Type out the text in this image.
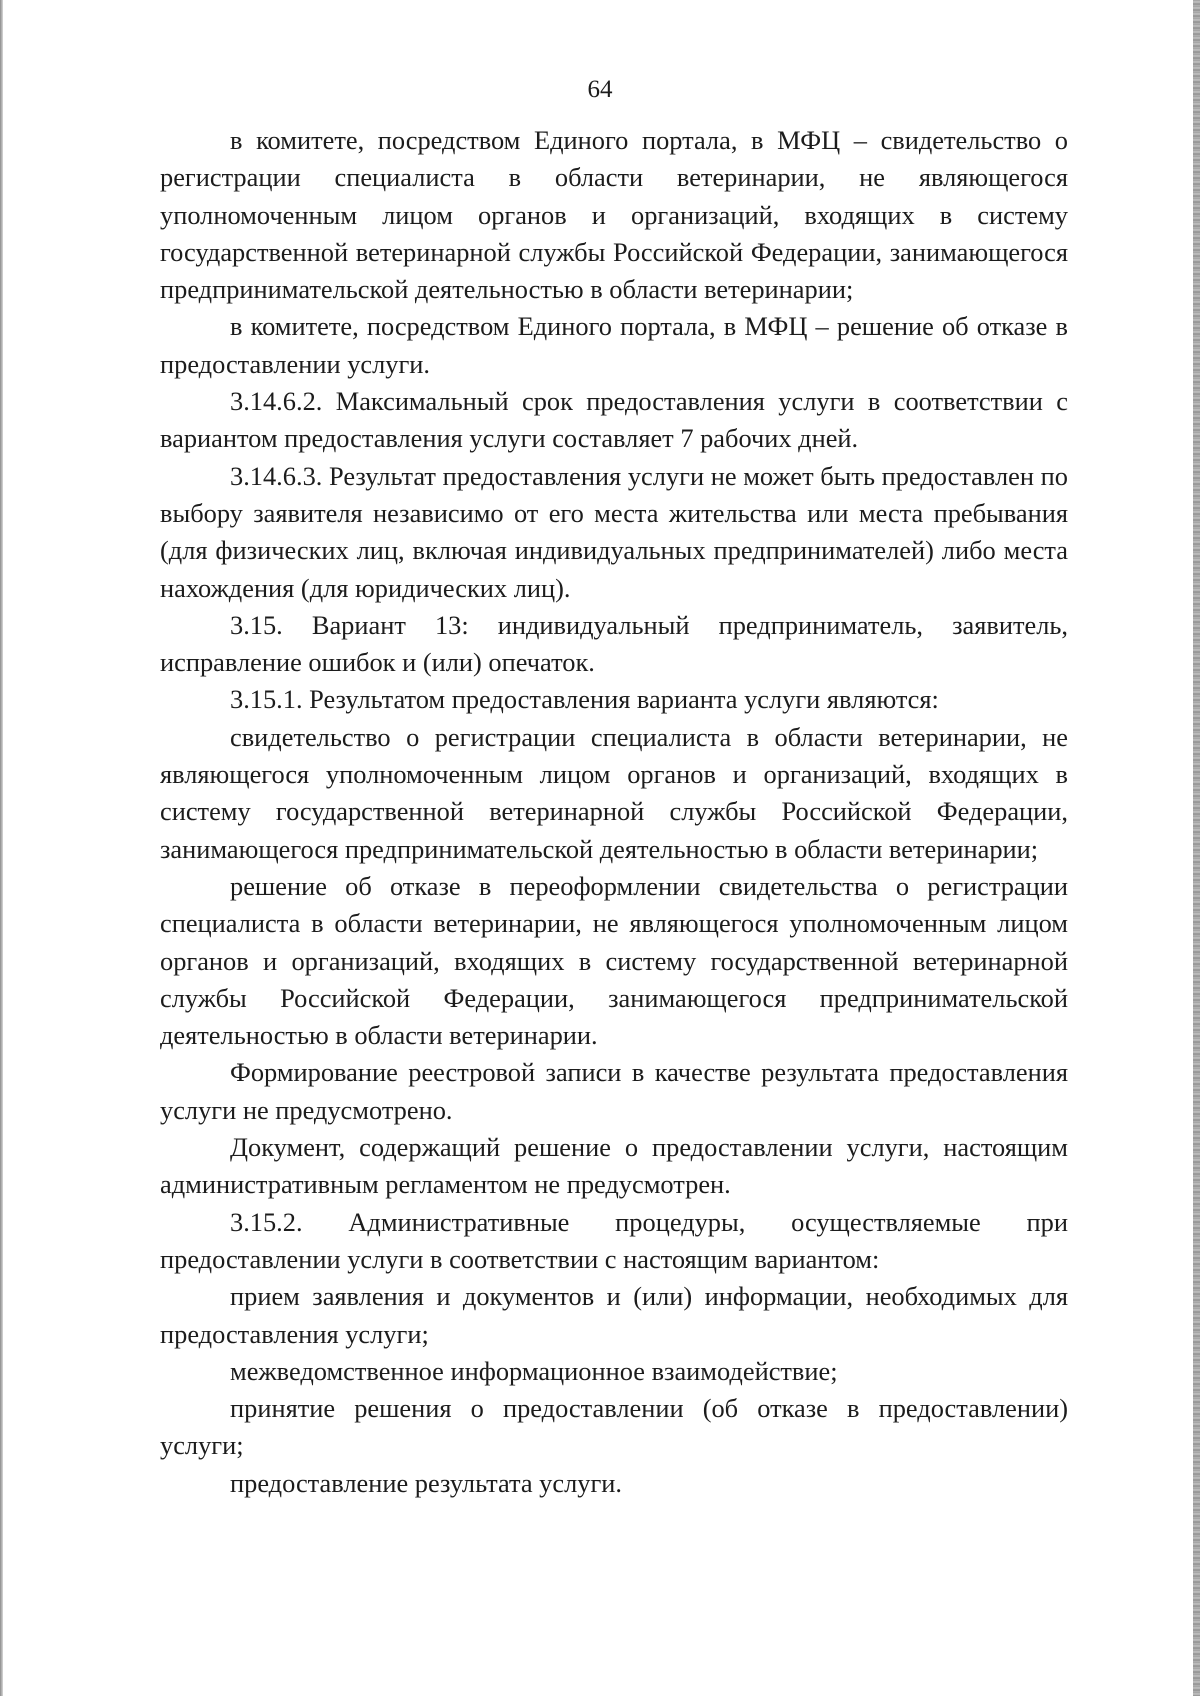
64

в комитете, посредством Единого портала, в МФЦ – свидетельство о регистрации специалиста в области ветеринарии, не являющегося уполномоченным лицом органов и организаций, входящих в систему государственной ветеринарной службы Российской Федерации, занимающегося предпринимательской деятельностью в области ветеринарии;

в комитете, посредством Единого портала, в МФЦ – решение об отказе в предоставлении услуги.

3.14.6.2. Максимальный срок предоставления услуги в соответствии с вариантом предоставления услуги составляет 7 рабочих дней.

3.14.6.3. Результат предоставления услуги не может быть предоставлен по выбору заявителя независимо от его места жительства или места пребывания (для физических лиц, включая индивидуальных предпринимателей) либо места нахождения (для юридических лиц).

3.15. Вариант 13: индивидуальный предприниматель, заявитель, исправление ошибок и (или) опечаток.

3.15.1. Результатом предоставления варианта услуги являются:

свидетельство о регистрации специалиста в области ветеринарии, не являющегося уполномоченным лицом органов и организаций, входящих в систему государственной ветеринарной службы Российской Федерации, занимающегося предпринимательской деятельностью в области ветеринарии;

решение об отказе в переоформлении свидетельства о регистрации специалиста в области ветеринарии, не являющегося уполномоченным лицом органов и организаций, входящих в систему государственной ветеринарной службы Российской Федерации, занимающегося предпринимательской деятельностью в области ветеринарии.

Формирование реестровой записи в качестве результата предоставления услуги не предусмотрено.

Документ, содержащий решение о предоставлении услуги, настоящим административным регламентом не предусмотрен.

3.15.2. Административные процедуры, осуществляемые при предоставлении услуги в соответствии с настоящим вариантом:

прием заявления и документов и (или) информации, необходимых для предоставления услуги;

межведомственное информационное взаимодействие;

принятие решения о предоставлении (об отказе в предоставлении) услуги;

предоставление результата услуги.
